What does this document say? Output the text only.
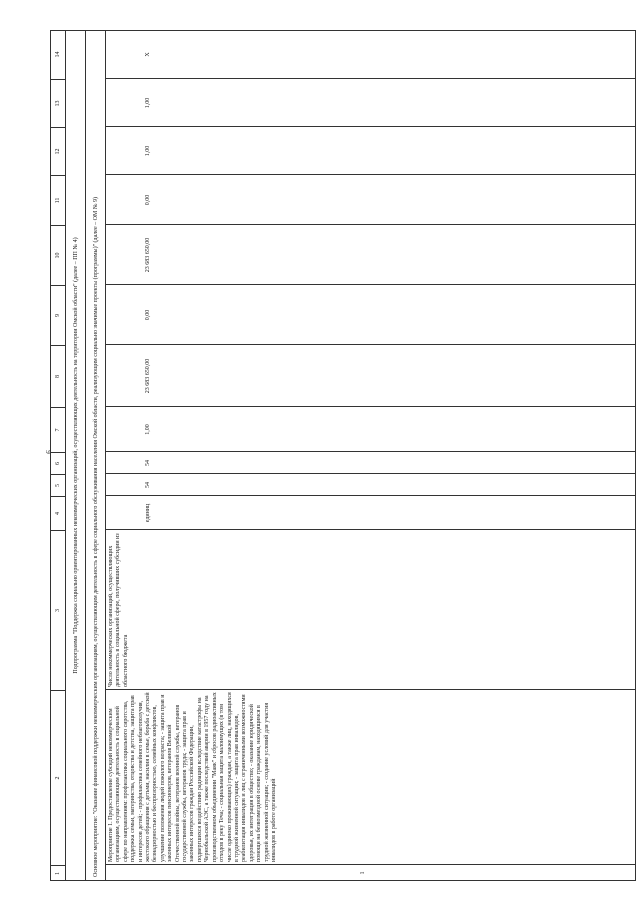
9
1
2
3
4
5
6
7
8
9
10
11
12
13
14
Подпрограмма "Поддержка социально ориентированных некоммерческих организаций, осуществляющих деятельность на территории Омской области" (далее – ПП № 4) Основное мероприятие: "Оказание финансовой поддержки некоммерческим организациям, осуществляющим деятельность в сфере социального обслуживания населения Омской области, реализующим социально значимые проекты (программы)" (далее – ОМ № 9)	1
Мероприятие 1. Предоставление субсидий некоммерческим организациям, осуществляющим деятельность в социальной сфере по направлениям: профилактика социального сиротства, поддержка семьи, материнства, отцовства и детства, защита прав и интересов детей; - профилактика семейного неблагополучия, жестокого обращения с детьми, насилия в семье, борьба с детской безнадзорностью и беспризорностью, семейных конфликтов, улучшение положения людей пожилого возраста; - защита прав и законных интересов пенсионеров, ветеранов Великой Отечественной войны, ветеранов военной службы, ветеранов государственной службы, ветеранов труда; - защита прав и законных интересов граждан Российской Федерации, подвергшихся воздействию радиации вследствие катастрофы на Чернобыльской АЭС, а также последствий аварии в 1957 году на производственном объединении "Маяк" и сбросов радиоактивных отходов в реку Теча; - социальная защита малоимущих (в том числе одиноко проживающих) граждан, а также лиц, находящихся в трудной жизненной ситуации; - защита прав инвалидов, реабилитация инвалидов и лиц с ограниченными возможностями здоровья, их интеграция в общество; - оказание юридической помощи на безвозмездной основе гражданам, находящимся в трудной жизненной ситуации; - создание условий для участия инвалидов в работе организаций
Число некоммерческих организаций, осуществляющих деятельность в социальной сфере, получивших субсидии из областного бюджета
единиц
54
54
1,00
23 683 650,00
0,00
23 683 650,00
0,00
1,00
1,00
X
